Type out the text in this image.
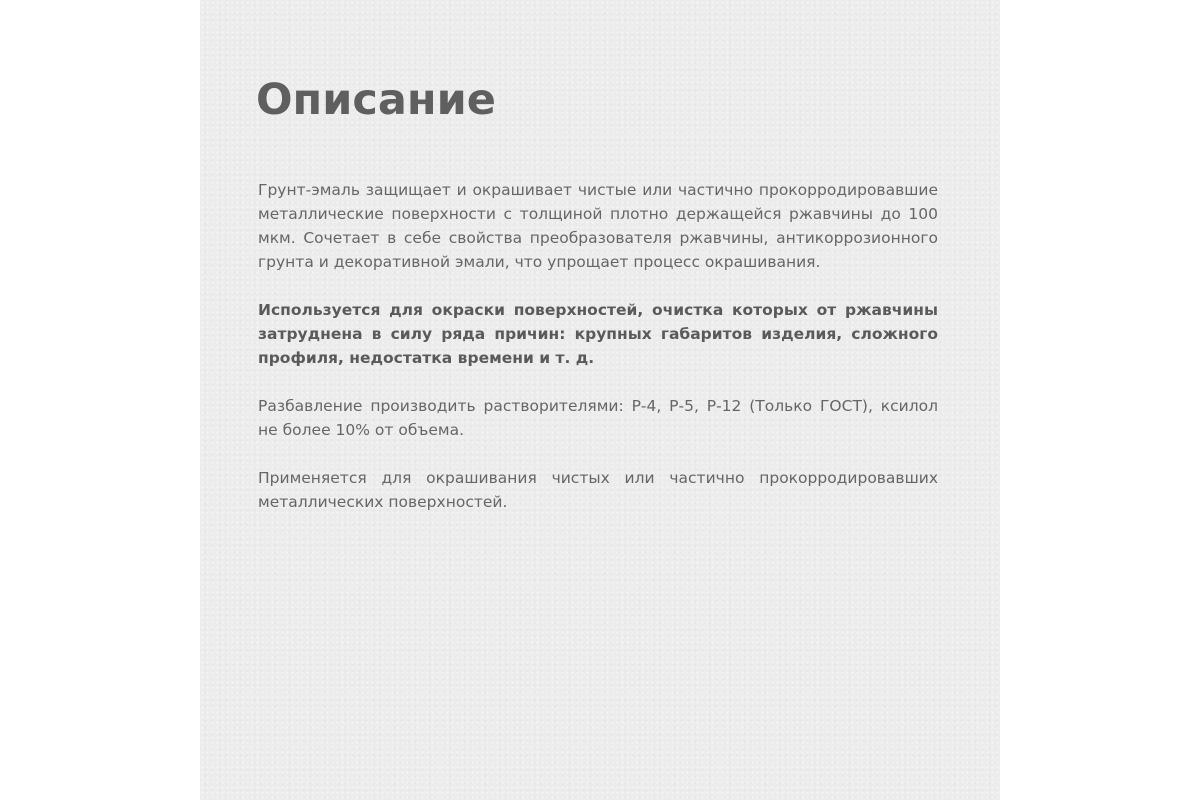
Описание

Грунт-эмаль защищает и окрашивает чистые или частично прокорродировавшие металлические поверхности с толщиной плотно держащейся ржавчины до 100 мкм. Сочетает в себе свойства преобразователя ржавчины, антикоррозионного грунта и декоративной эмали, что упрощает процесс окрашивания.

Используется для окраски поверхностей, очистка которых от ржавчины затруднена в силу ряда причин: крупных габаритов изделия, сложного профиля, недостатка времени и т. д.

Разбавление производить растворителями: Р-4, Р-5, Р-12 (Только ГОСТ), ксилол не более 10% от объема.

Применяется для окрашивания чистых или частично прокорродировавших металлических поверхностей.
